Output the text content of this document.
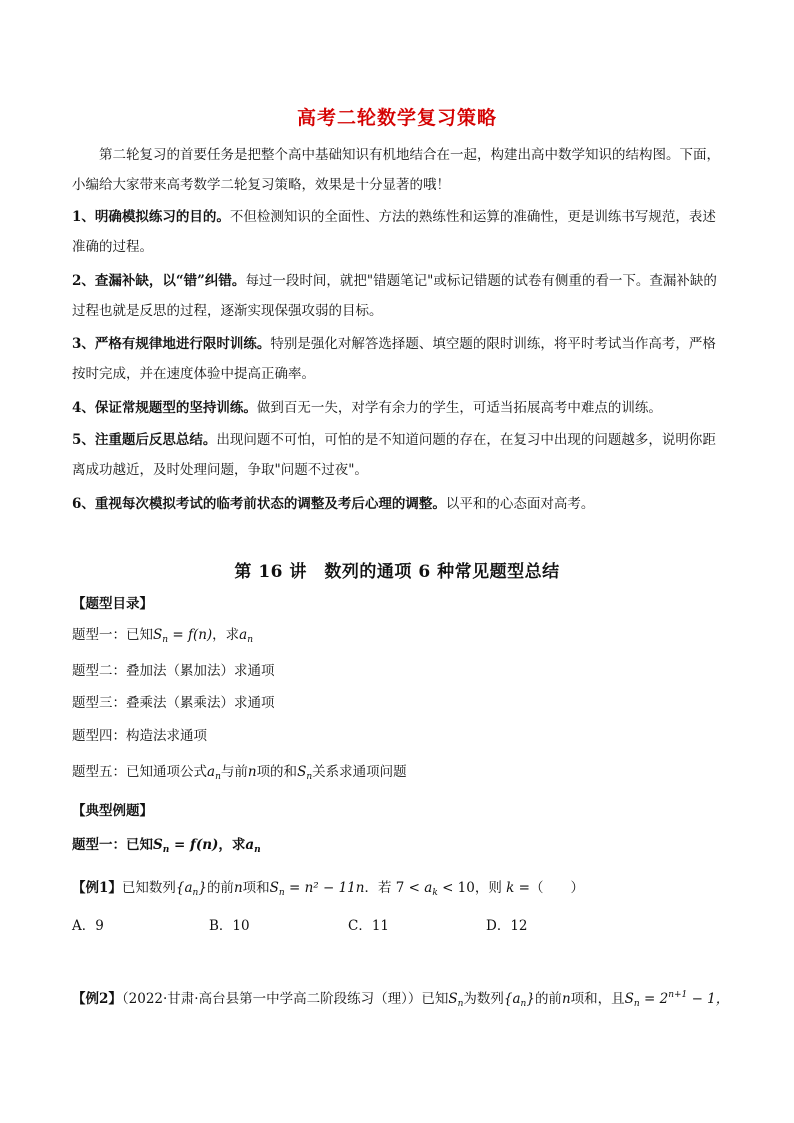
高考二轮数学复习策略
第二轮复习的首要任务是把整个高中基础知识有机地结合在一起，构建出高中数学知识的结构图。下面，小编给大家带来高考数学二轮复习策略，效果是十分显著的哦！
1、明确模拟练习的目的。不但检测知识的全面性、方法的熟练性和运算的准确性，更是训练书写规范，表述准确的过程。
2、查漏补缺，以“错”纠错。每过一段时间，就把"错题笔记"或标记错题的试卷有侧重的看一下。查漏补缺的过程也就是反思的过程，逐渐实现保强攻弱的目标。
3、严格有规律地进行限时训练。特别是强化对解答选择题、填空题的限时训练，将平时考试当作高考，严格按时完成，并在速度体验中提高正确率。
4、保证常规题型的坚持训练。做到百无一失，对学有余力的学生，可适当拓展高考中难点的训练。
5、注重题后反思总结。出现问题不可怕，可怕的是不知道问题的存在，在复习中出现的问题越多，说明你距离成功越近，及时处理问题，争取"问题不过夜"。
6、重视每次模拟考试的临考前状态的调整及考后心理的调整。以平和的心态面对高考。
第 16 讲　数列的通项 6 种常见题型总结
【题型目录】
题型一：已知$S_n = f(n)$，求$a_n$
题型二：叠加法（累加法）求通项
题型三：叠乘法（累乘法）求通项
题型四：构造法求通项
题型五：已知通项公式$a_n$与前n项的和$S_n$关系求通项问题
【典型例题】
题型一：已知$S_n = f(n)$，求$a_n$
【例1】已知数列$\{a_n\}$的前n项和$S_n = n^2 - 11n$．若 $7 < a_k < 10$，则 k =（　　）
A．9	B．10	C．11	D．12
【例2】（2022·甘肃·高台县第一中学高二阶段练习（理））已知$S_n$为数列$\{a_n\}$的前n项和，且$S_n = 2^{n+1} - 1$，
